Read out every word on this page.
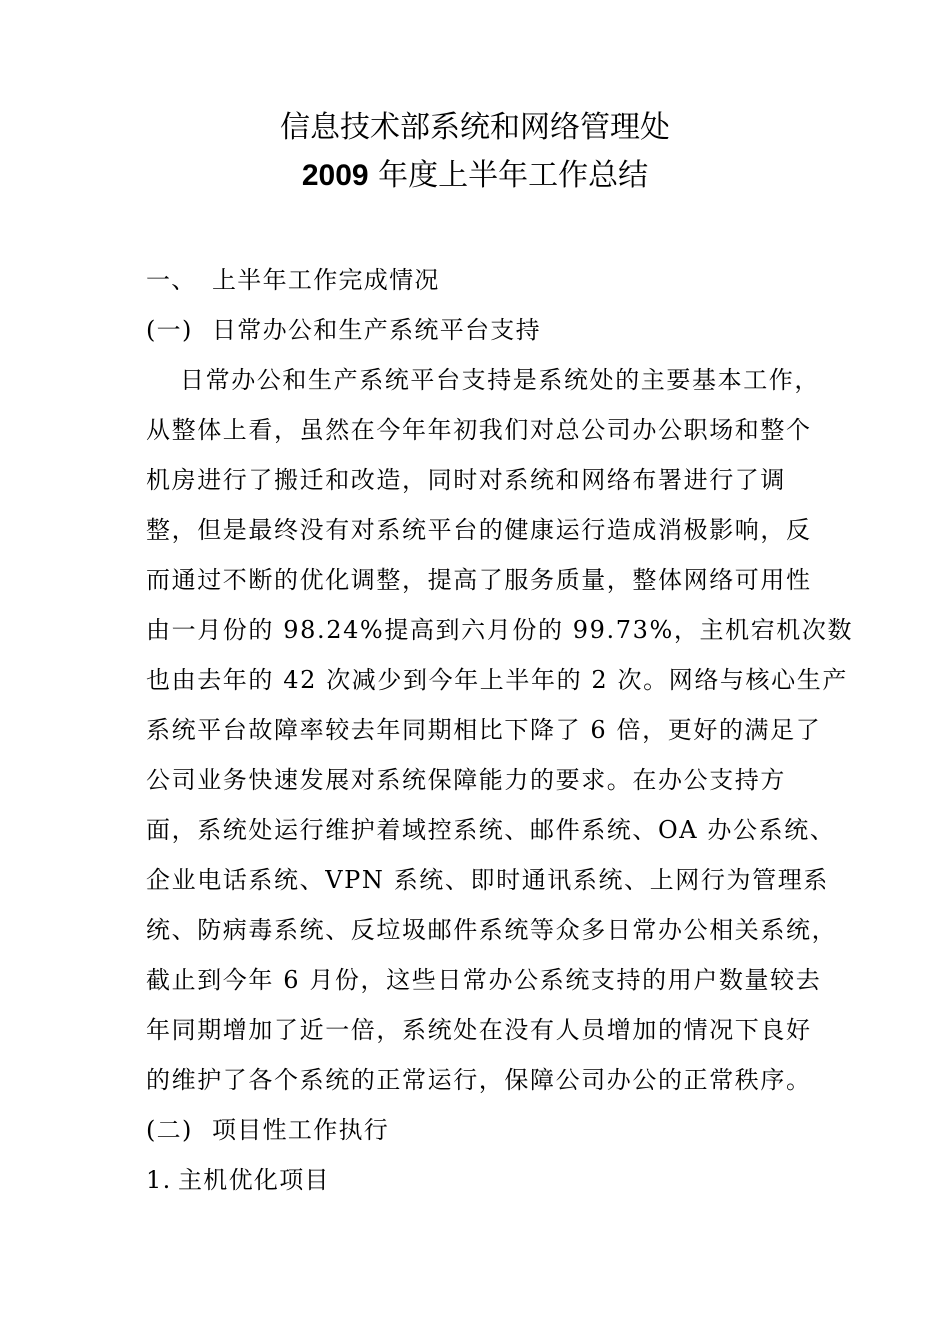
信息技术部系统和网络管理处
2009 年度上半年工作总结
一、 上半年工作完成情况
(一) 日常办公和生产系统平台支持
日常办公和生产系统平台支持是系统处的主要基本工作，
从整体上看，虽然在今年年初我们对总公司办公职场和整个
机房进行了搬迁和改造，同时对系统和网络布署进行了调
整，但是最终没有对系统平台的健康运行造成消极影响，反
而通过不断的优化调整，提高了服务质量，整体网络可用性
由一月份的 98.24%提高到六月份的 99.73%，主机宕机次数
也由去年的 42 次减少到今年上半年的 2 次。网络与核心生产
系统平台故障率较去年同期相比下降了 6 倍，更好的满足了
公司业务快速发展对系统保障能力的要求。在办公支持方
面，系统处运行维护着域控系统、邮件系统、OA 办公系统、
企业电话系统、VPN 系统、即时通讯系统、上网行为管理系
统、防病毒系统、反垃圾邮件系统等众多日常办公相关系统，
截止到今年 6 月份，这些日常办公系统支持的用户数量较去
年同期增加了近一倍，系统处在没有人员增加的情况下良好
的维护了各个系统的正常运行，保障公司办公的正常秩序。
(二) 项目性工作执行
1. 主机优化项目
